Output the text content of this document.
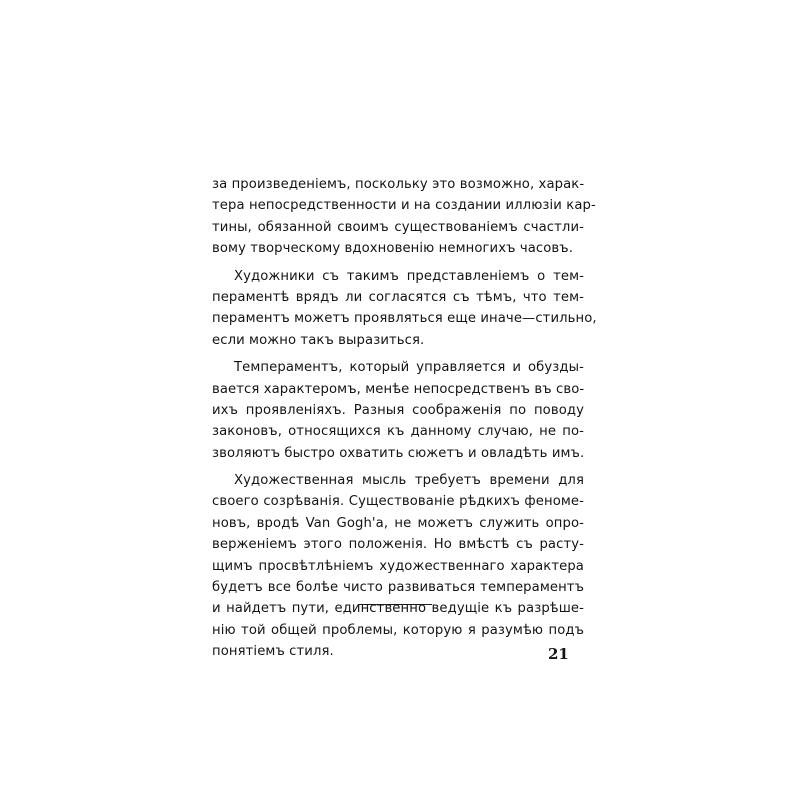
за произведенiемъ, поскольку это возможно, харак-
тера непосредственности и на создании иллюзiи кар-
тины, обязанной своимъ существованiемъ счастли-
вому творческому вдохновенiю немногихъ часовъ.
Художники съ такимъ представленiемъ о тем-
пераментѣ врядъ ли согласятся съ тѣмъ, что тем-
пераментъ можетъ проявляться еще иначе—стильно,
если можно такъ выразиться.
Темпераментъ, который управляется и обузды-
вается характеромъ, менѣе непосредственъ въ сво-
ихъ проявленiяхъ. Разныя соображенiя по поводу
законовъ, относящихся къ данному случаю, не по-
зволяютъ быстро охватить сюжетъ и овладѣть имъ.
Художественная мысль требуетъ времени для
своего созрѣванiя. Существованiе рѣдкихъ феноме-
новъ, вродѣ Van Gogh'a, не можетъ служить опро-
верженiемъ этого положенiя. Но вмѣстѣ съ расту-
щимъ просвѣтлѣнiемъ художественнаго характера
будетъ все болѣе чисто развиваться темпераментъ
и найдетъ пути, единственно ведущiе къ разрѣше-
нiю той общей проблемы, которую я разумѣю подъ
понятiемъ стиля.	21
